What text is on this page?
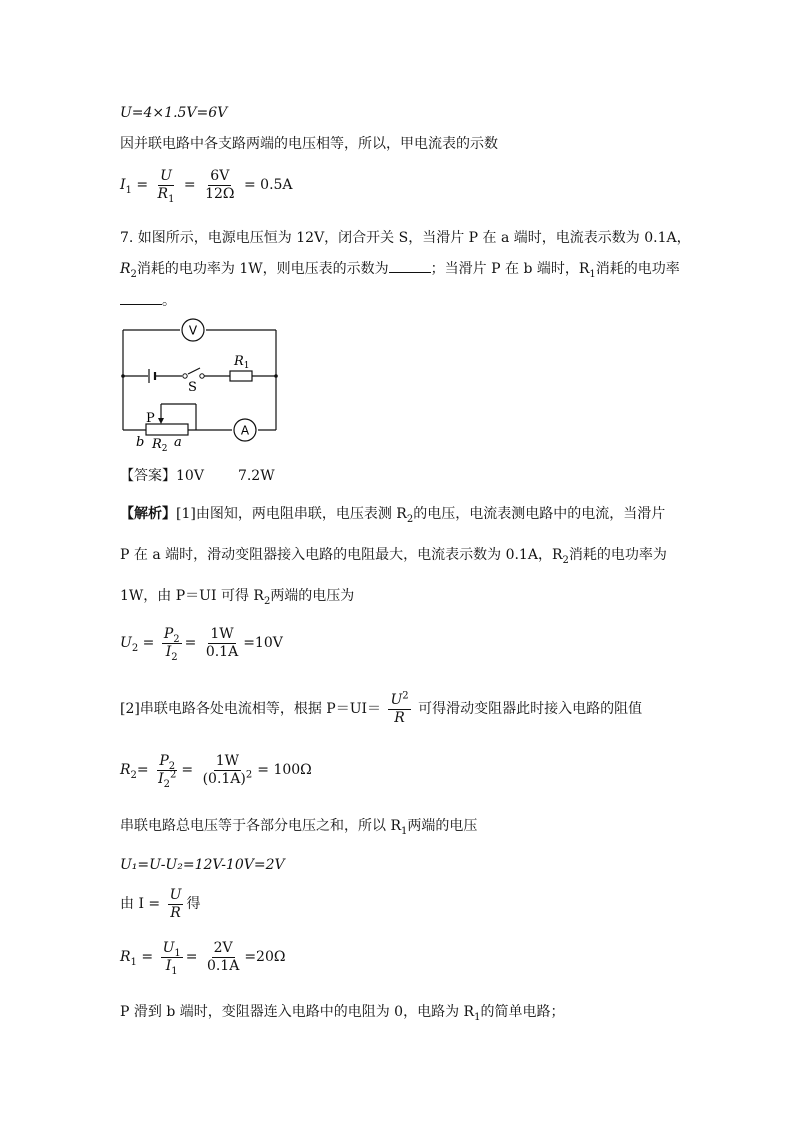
U=4×1.5V=6V
因并联电路中各支路两端的电压相等，所以，甲电流表的示数
$I_1 = \frac{U}{R_1} = \frac{6V}{12\Omega} = 0.5A$
7. 如图所示，电源电压恒为 12V，闭合开关 S，当滑片 P 在 a 端时，电流表示数为 0.1A，
$R_2$消耗的电功率为 1W，则电压表的示数为	；当滑片 P 在 b 端时，$R_1$消耗的电功率
。
S
$R_1$
V
A
P
b $R_2$ a
【答案】10V 7.2W
【解析】[1]由图知，两电阻串联，电压表测 $R_2$的电压，电流表测电路中的电流，当滑片
P 在 a 端时，滑动变阻器接入电路的电阻最大，电流表示数为 0.1A，$R_2$消耗的电功率为
1W，由 P＝UI 可得 $R_2$两端的电压为
$U_2 = \frac{P_2}{I_2} = \frac{1W}{0.1A} =10V$
[2]串联电路各处电流相等，根据 $P=UI= \frac{U^2}{R}$ 可得滑动变阻器此时接入电路的阻值
$R_2= \frac{P_2}{I_2^2} = \frac{1W}{(0.1A)^2} = 100\Omega$
串联电路总电压等于各部分电压之和，所以 $R_1$两端的电压
U₁=U-U₂=12V-10V=2V
由 $I = \frac{U}{R}$ 得
$R_1 = \frac{U_1}{I_1} = \frac{2V}{0.1A} =20\Omega$
P 滑到 b 端时，变阻器连入电路中的电阻为 0，电路为 $R_1$的简单电路；
